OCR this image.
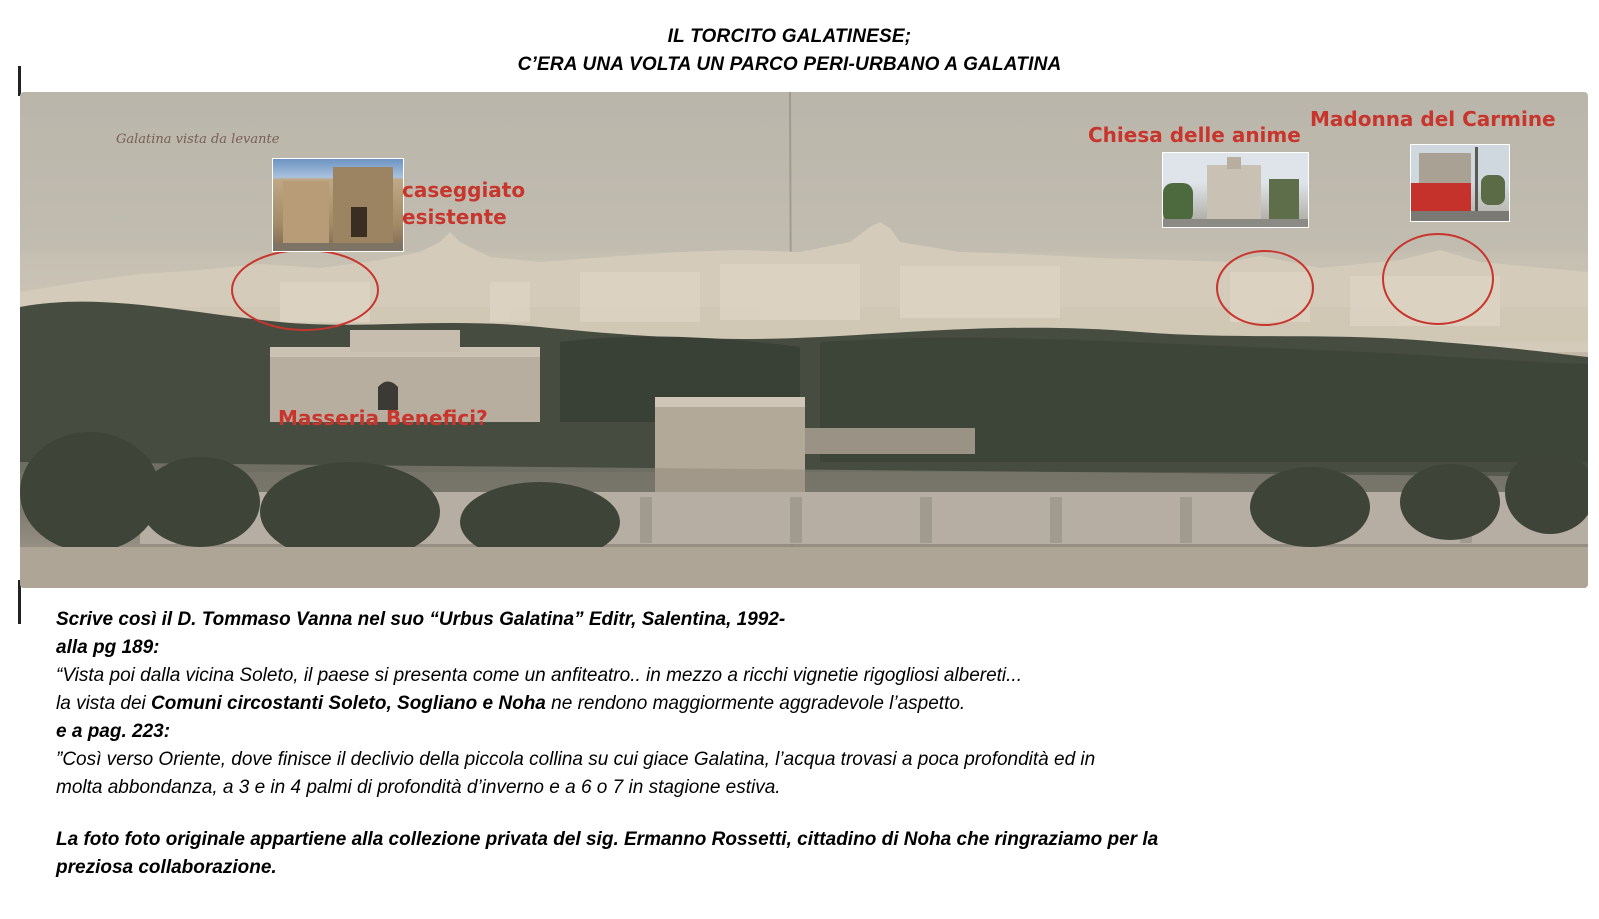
IL TORCITO GALATINESE;
C’ERA UNA VOLTA UN PARCO PERI-URBANO A GALATINA
Galatina vista da levante
caseggiato
esistente
Chiesa delle anime
Madonna del Carmine
Masseria Benefici?

Scrive così il D. Tommaso Vanna nel suo “Urbus Galatina” Editr, Salentina, 1992-

alla pg 189:

“Vista poi dalla vicina Soleto, il paese si presenta come un anfiteatro.. in mezzo a ricchi vignetie rigogliosi albereti...

la vista dei Comuni circostanti Soleto, Sogliano e Noha ne rendono maggiormente aggradevole l’aspetto.

e a pag. 223:

”Così verso Oriente, dove finisce il declivio della piccola collina su cui giace Galatina, l’acqua trovasi a poca profondità ed in

molta abbondanza, a 3 e in 4 palmi di profondità d’inverno e a 6 o 7 in stagione estiva.

La foto foto originale appartiene alla collezione privata del sig. Ermanno Rossetti, cittadino di Noha che ringraziamo per la

preziosa collaborazione.
